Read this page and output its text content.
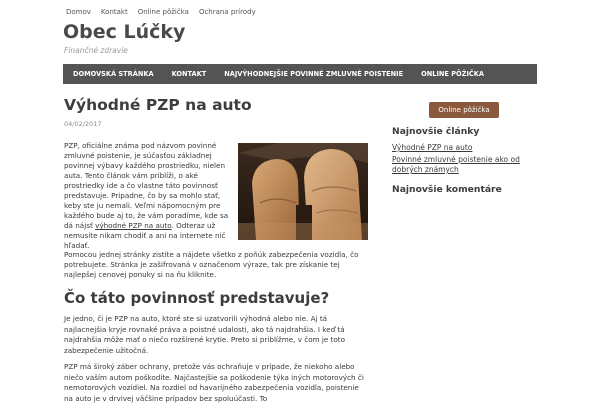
Domov Kontakt Online pôžička Ochrana prírody
Obec Lúčky
Finančné zdravie
DOMOVSKÁ STRÁNKA	KONTAKT	NAJVÝHODNEJŠIE POVINNÉ ZMLUVNÉ POISTENIE	ONLINE PÔŽIČKA
Výhodné PZP na auto
04/02/2017

PZP, oficiálne známa pod názvom povinné zmluvné poistenie, je súčasťou základnej povinnej výbavy každého prostriedku, nielen auta. Tento článok vám priblíži, o aké prostriedky ide a čo vlastne táto povinnosť predstavuje. Pripadne, čo by sa mohlo stať, keby ste ju nemali. Veľmi nápomocným pre každého bude aj to, že vám poradíme, kde sa dá nájsť výhodné PZP na auto. Odteraz už nemusíte nikam chodiť a ani na internete nič hľadať.

Pomocou jednej stránky zistíte a nájdete všetko z poňúk zabezpečenia vozidla, čo potrebujete. Stránka je zašifrovaná v označenom výraze, tak pre získanie tej najlepšej cenovej ponuky si na ňu kliknite.

Čo táto povinnosť predstavuje?

Je jedno, či je PZP na auto, ktoré ste si uzatvorili výhodná alebo nie. Aj tá najlacnejšia kryje rovnaké práva a poistné udalosti, ako tá najdrahšia. I keď tá najdrahšia môže mať o niečo rozšírené krytie. Preto si priblížme, v čom je toto zabezpečenie užitočná.

PZP má široký záber ochrany, pretože vás ochraňuje v prípade, že niekoho alebo niečo vaším autom poškodíte. Najčastejšie sa poškodenie týka iných motorových či nemotorových vozidiel. Na rozdiel od havarijného zabezpečenia vozidla, poistenie na auto je v drvivej väčšine prípadov bez spoluúčasti. To

Online pôžička
Najnovšie články
Výhodné PZP na auto
Povinné zmluvné poistenie ako od dobrých známych
Najnovšie komentáre
